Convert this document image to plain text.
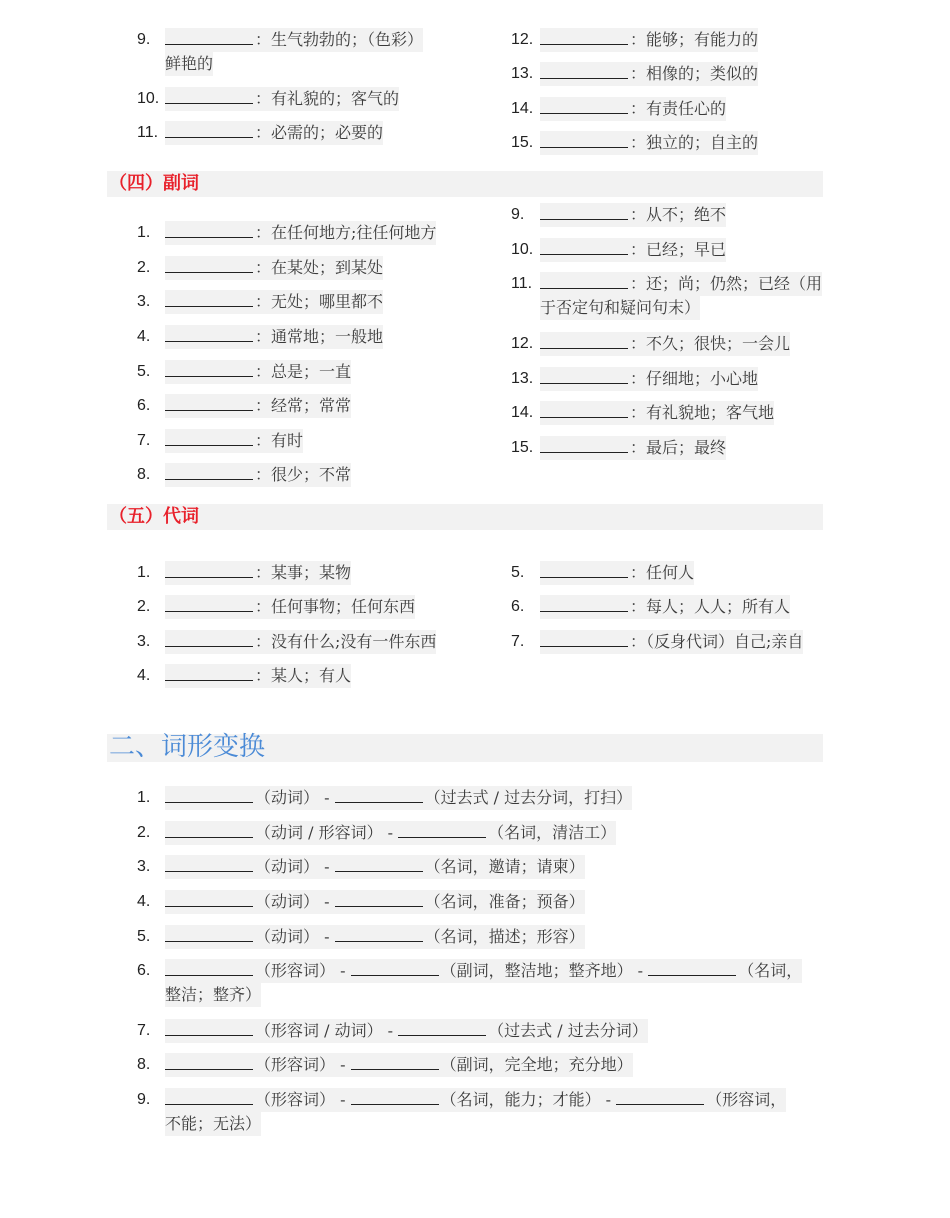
9.	：生气勃勃的；（色彩）
鲜艳的
10.	：有礼貌的；客气的
11.	：必需的；必要的
12.	：能够；有能力的
13.	：相像的；类似的
14.	：有责任心的
15.	：独立的；自主的
（四）副词
1.	：在任何地方;往任何地方
2.	：在某处；到某处
3.	：无处；哪里都不
4.	：通常地；一般地
5.	：总是；一直
6.	：经常；常常
7.	：有时
8.	：很少；不常
9.	：从不；绝不
10.	：已经；早已
11.	：还；尚；仍然；已经（用
于否定句和疑问句末）
12.	：不久；很快；一会儿
13.	：仔细地；小心地
14.	：有礼貌地；客气地
15.	：最后；最终
（五）代词
1.	：某事；某物
2.	：任何事物；任何东西
3.	：没有什么;没有一件东西
4.	：某人；有人
5.	：任何人
6.	：每人；人人；所有人
7.	：（反身代词）自己;亲自
二、词形变换
1.	（动词） -	（过去式 / 过去分词，打扫）
2.	（动词 / 形容词） -	（名词，清洁工）
3.	（动词） -	（名词，邀请；请柬）
4.	（动词） -	（名词，准备；预备）
5.	（动词） -	（名词，描述；形容）
6.	（形容词） -	（副词，整洁地；整齐地） -	（名词，
整洁；整齐）
7.	（形容词 / 动词） -	（过去式 / 过去分词）
8.	（形容词） -	（副词，完全地；充分地）
9.	（形容词） -	（名词，能力；才能） -	（形容词，
不能；无法）
